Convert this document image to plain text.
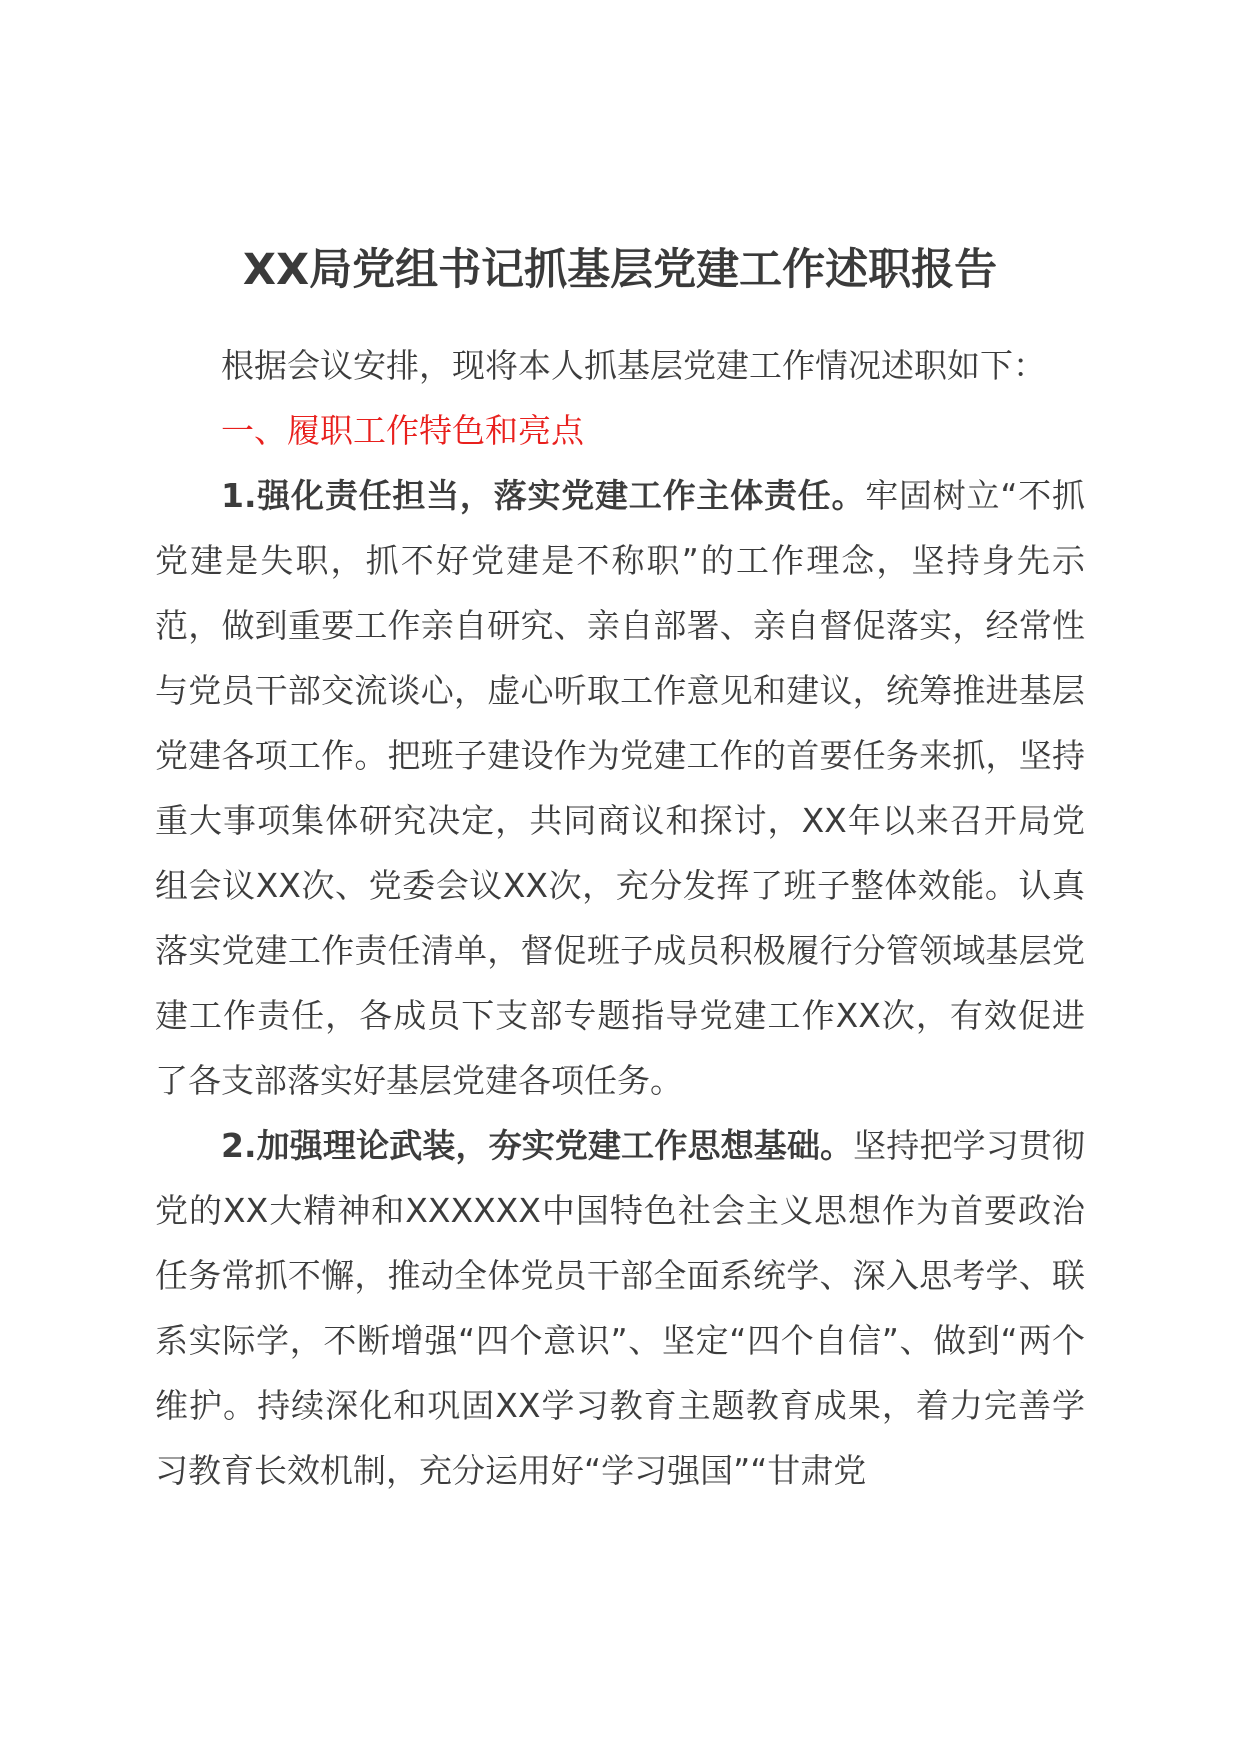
XX局党组书记抓基层党建工作述职报告

根据会议安排，现将本人抓基层党建工作情况述职如下：

一、履职工作特色和亮点

1.强化责任担当，落实党建工作主体责任。牢固树立“不抓党建是失职，抓不好党建是不称职”的工作理念，坚持身先示范，做到重要工作亲自研究、亲自部署、亲自督促落实，经常性与党员干部交流谈心，虚心听取工作意见和建议，统筹推进基层党建各项工作。把班子建设作为党建工作的首要任务来抓，坚持重大事项集体研究决定，共同商议和探讨，XX年以来召开局党组会议XX次、党委会议XX次，充分发挥了班子整体效能。认真落实党建工作责任清单，督促班子成员积极履行分管领域基层党建工作责任，各成员下支部专题指导党建工作XX次，有效促进了各支部落实好基层党建各项任务。

2.加强理论武装，夯实党建工作思想基础。坚持把学习贯彻党的XX大精神和XXXXXX中国特色社会主义思想作为首要政治任务常抓不懈，推动全体党员干部全面系统学、深入思考学、联系实际学，不断增强“四个意识”、坚定“四个自信”、做到“两个维护。持续深化和巩固XX学习教育主题教育成果，着力完善学习教育长效机制，充分运用好“学习强国”“甘肃党
